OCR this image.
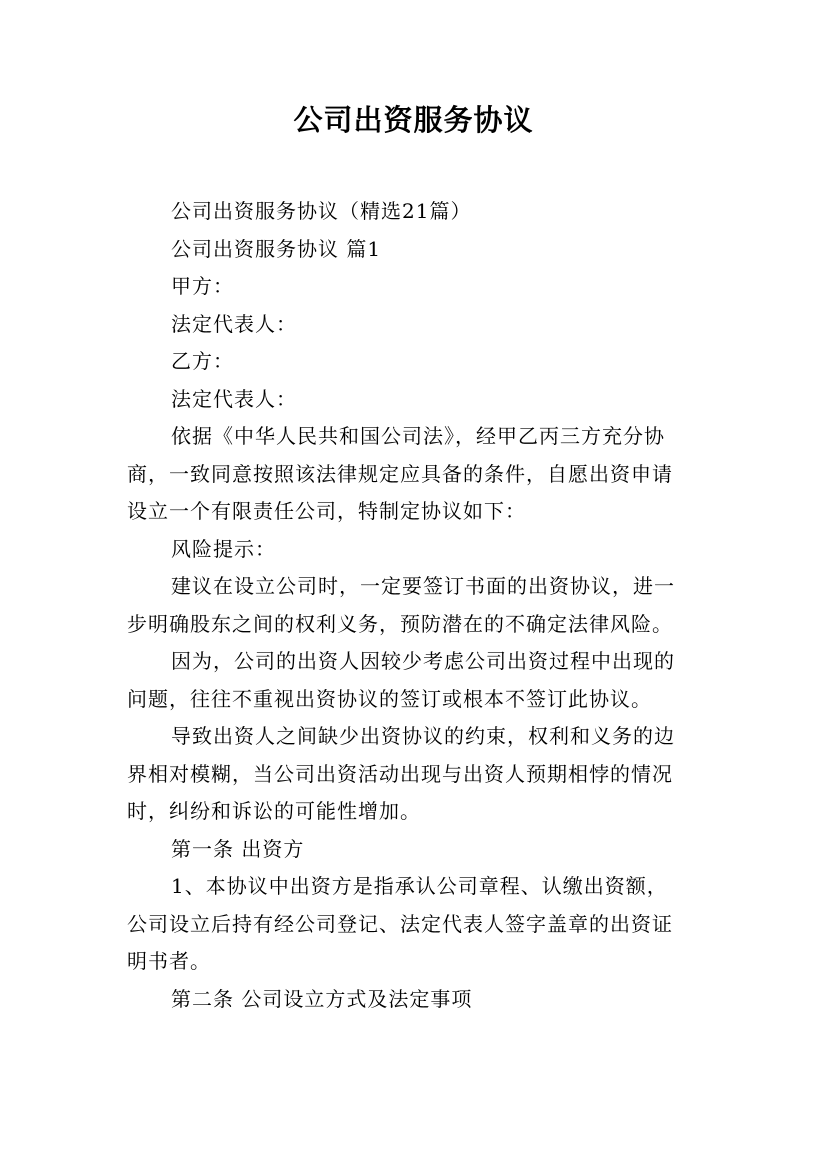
公司出资服务协议
公司出资服务协议（精选21篇）
公司出资服务协议 篇1
甲方：
法定代表人：
乙方：
法定代表人：
依据《中华人民共和国公司法》，经甲乙丙三方充分协
商，一致同意按照该法律规定应具备的条件，自愿出资申请
设立一个有限责任公司，特制定协议如下：
风险提示：
建议在设立公司时，一定要签订书面的出资协议，进一
步明确股东之间的权利义务，预防潜在的不确定法律风险。
因为，公司的出资人因较少考虑公司出资过程中出现的
问题，往往不重视出资协议的签订或根本不签订此协议。
导致出资人之间缺少出资协议的约束，权利和义务的边
界相对模糊，当公司出资活动出现与出资人预期相悖的情况
时，纠纷和诉讼的可能性增加。
第一条 出资方
1、本协议中出资方是指承认公司章程、认缴出资额，
公司设立后持有经公司登记、法定代表人签字盖章的出资证
明书者。
第二条 公司设立方式及法定事项
